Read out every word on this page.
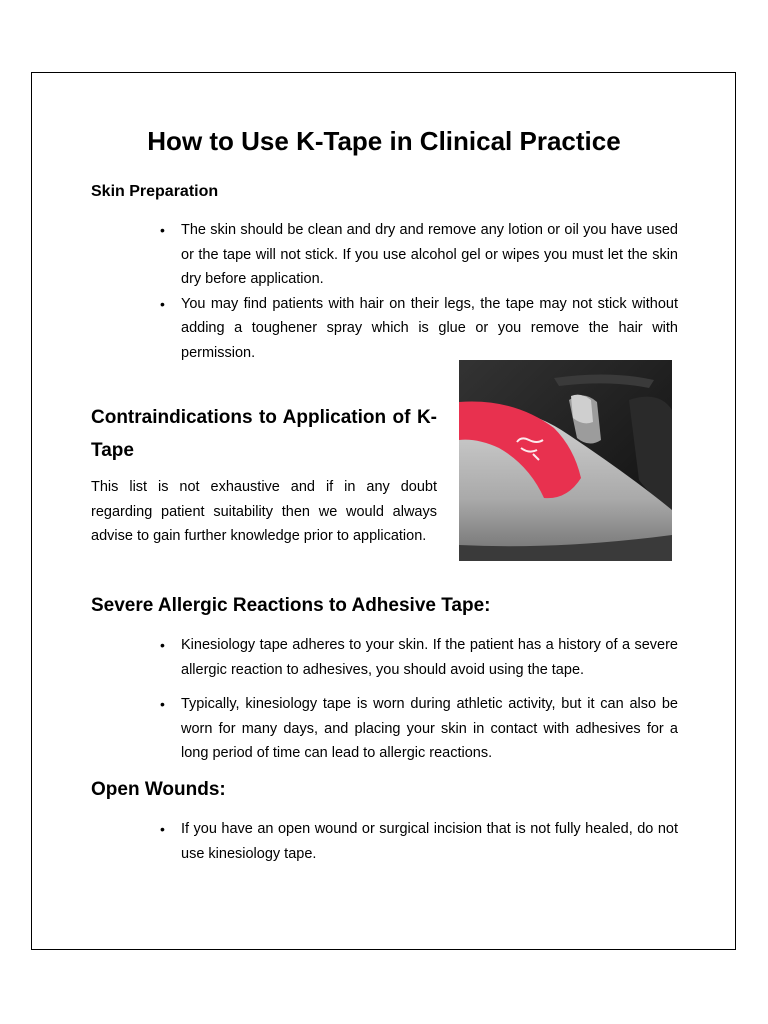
How to Use K-Tape in Clinical Practice
Skin Preparation
• The skin should be clean and dry and remove any lotion or oil you have used or the tape will not stick. If you use alcohol gel or wipes you must let the skin dry before application.
• You may find patients with hair on their legs, the tape may not stick without adding a toughener spray which is glue or you remove the hair with permission.
Contraindications to Application of K-Tape

This list is not exhaustive and if in any doubt regarding patient suitability then we would always advise to gain further knowledge prior to application.

Severe Allergic Reactions to Adhesive Tape:
• Kinesiology tape adheres to your skin. If the patient has a history of a severe allergic reaction to adhesives, you should avoid using the tape.
• Typically, kinesiology tape is worn during athletic activity, but it can also be worn for many days, and placing your skin in contact with adhesives for a long period of time can lead to allergic reactions.
Open Wounds:
• If you have an open wound or surgical incision that is not fully healed, do not use kinesiology tape.
